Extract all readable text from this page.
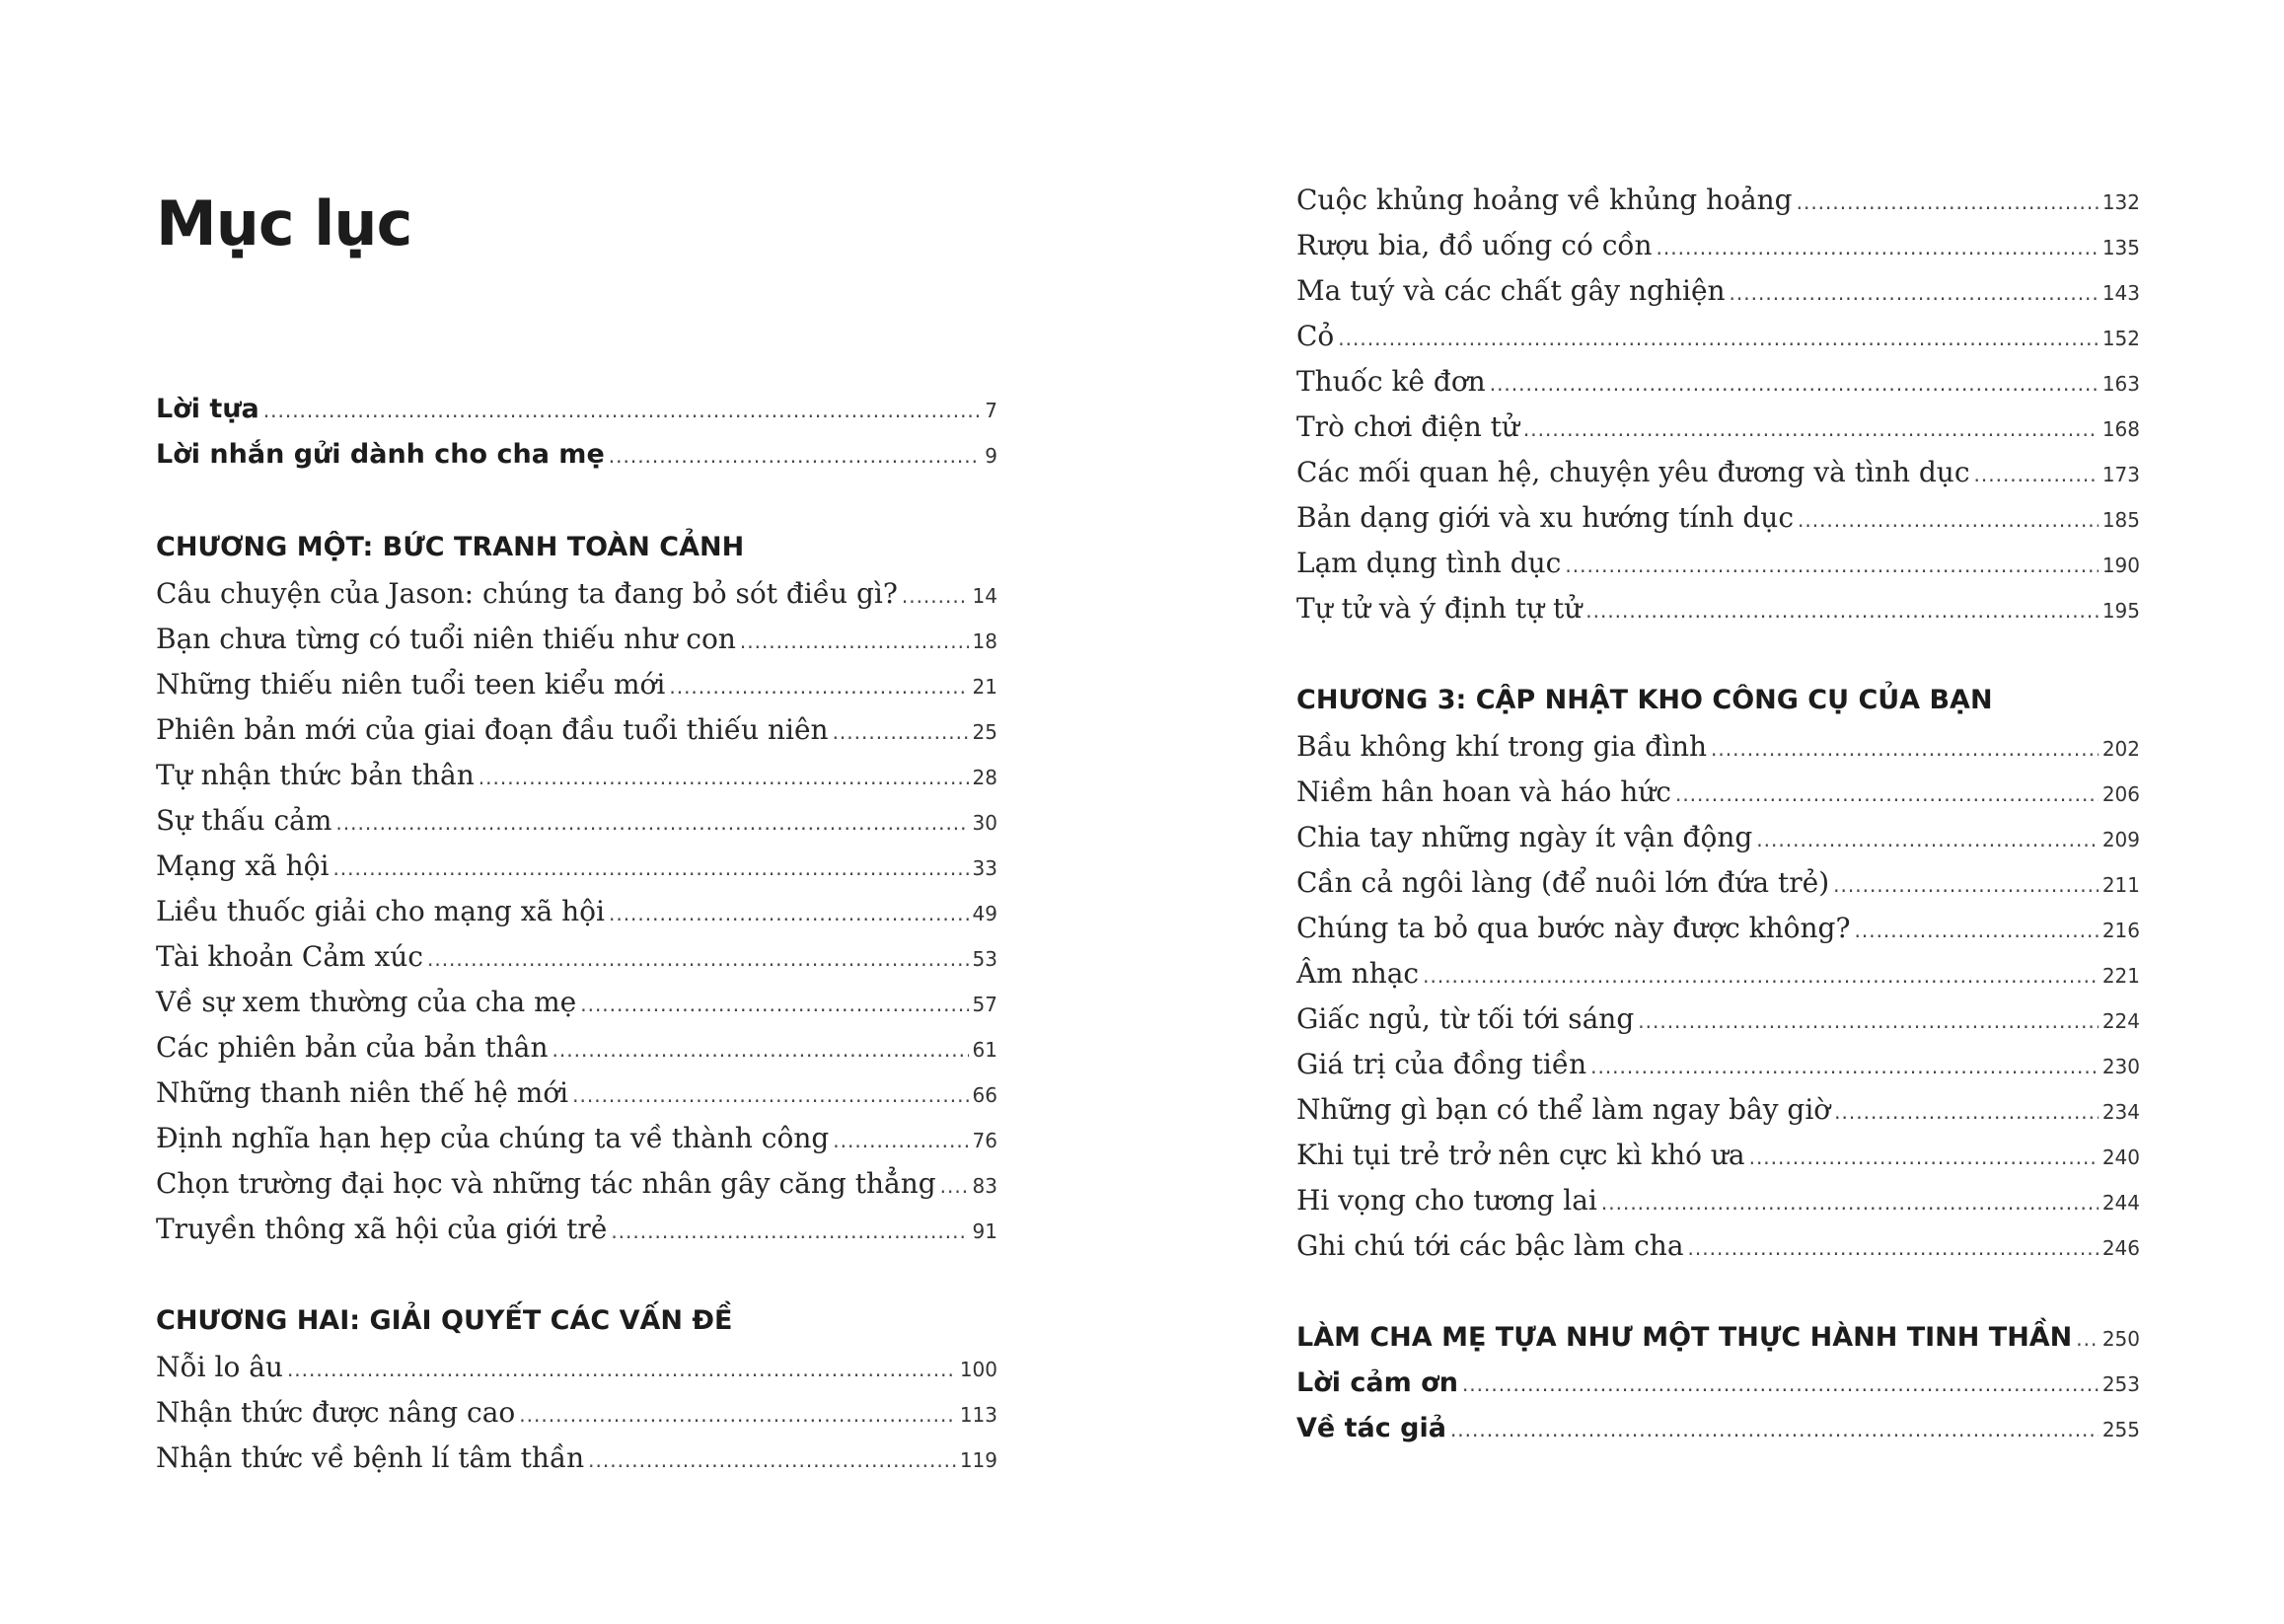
Mục lục
Lời tựa .....	7
Lời nhắn gửi dành cho cha mẹ .....	9
CHƯƠNG MỘT: BỨC TRANH TOÀN CẢNH
Câu chuyện của Jason: chúng ta đang bỏ sót điều gì? .....	14
Bạn chưa từng có tuổi niên thiếu như con .....	18
Những thiếu niên tuổi teen kiểu mới .....	21
Phiên bản mới của giai đoạn đầu tuổi thiếu niên .....	25
Tự nhận thức bản thân .....	28
Sự thấu cảm .....	30
Mạng xã hội .....	33
Liều thuốc giải cho mạng xã hội .....	49
Tài khoản Cảm xúc .....	53
Về sự xem thường của cha mẹ .....	57
Các phiên bản của bản thân .....	61
Những thanh niên thế hệ mới .....	66
Định nghĩa hạn hẹp của chúng ta về thành công .....	76
Chọn trường đại học và những tác nhân gây căng thẳng ..... 83
Truyền thông xã hội của giới trẻ .....	91
CHƯƠNG HAI: GIẢI QUYẾT CÁC VẤN ĐỀ
Nỗi lo âu .....	100
Nhận thức được nâng cao .....	113
Nhận thức về bệnh lí tâm thần .....	119
Cuộc khủng hoảng về khủng hoảng .....	132
Rượu bia, đồ uống có cồn .....	135
Ma tuý và các chất gây nghiện .....	143
Cỏ .....	152
Thuốc kê đơn .....	163
Trò chơi điện tử .....	168
Các mối quan hệ, chuyện yêu đương và tình dục .....	173
Bản dạng giới và xu hướng tính dục .....	185
Lạm dụng tình dục .....	190
Tự tử và ý định tự tử .....	195
CHƯƠNG 3: CẬP NHẬT KHO CÔNG CỤ CỦA BẠN
Bầu không khí trong gia đình .....	202
Niềm hân hoan và háo hức .....	206
Chia tay những ngày ít vận động .....	209
Cần cả ngôi làng (để nuôi lớn đứa trẻ) .....	211
Chúng ta bỏ qua bước này được không? .....	216
Âm nhạc .....	221
Giấc ngủ, từ tối tới sáng .....	224
Giá trị của đồng tiền .....	230
Những gì bạn có thể làm ngay bây giờ .....	234
Khi tụi trẻ trở nên cực kì khó ưa .....	240
Hi vọng cho tương lai .....	244
Ghi chú tới các bậc làm cha .....	246
LÀM CHA MẸ TỰA NHƯ MỘT THỰC HÀNH TINH THẦN ..... 250
Lời cảm ơn .....	253
Về tác giả .....	255
